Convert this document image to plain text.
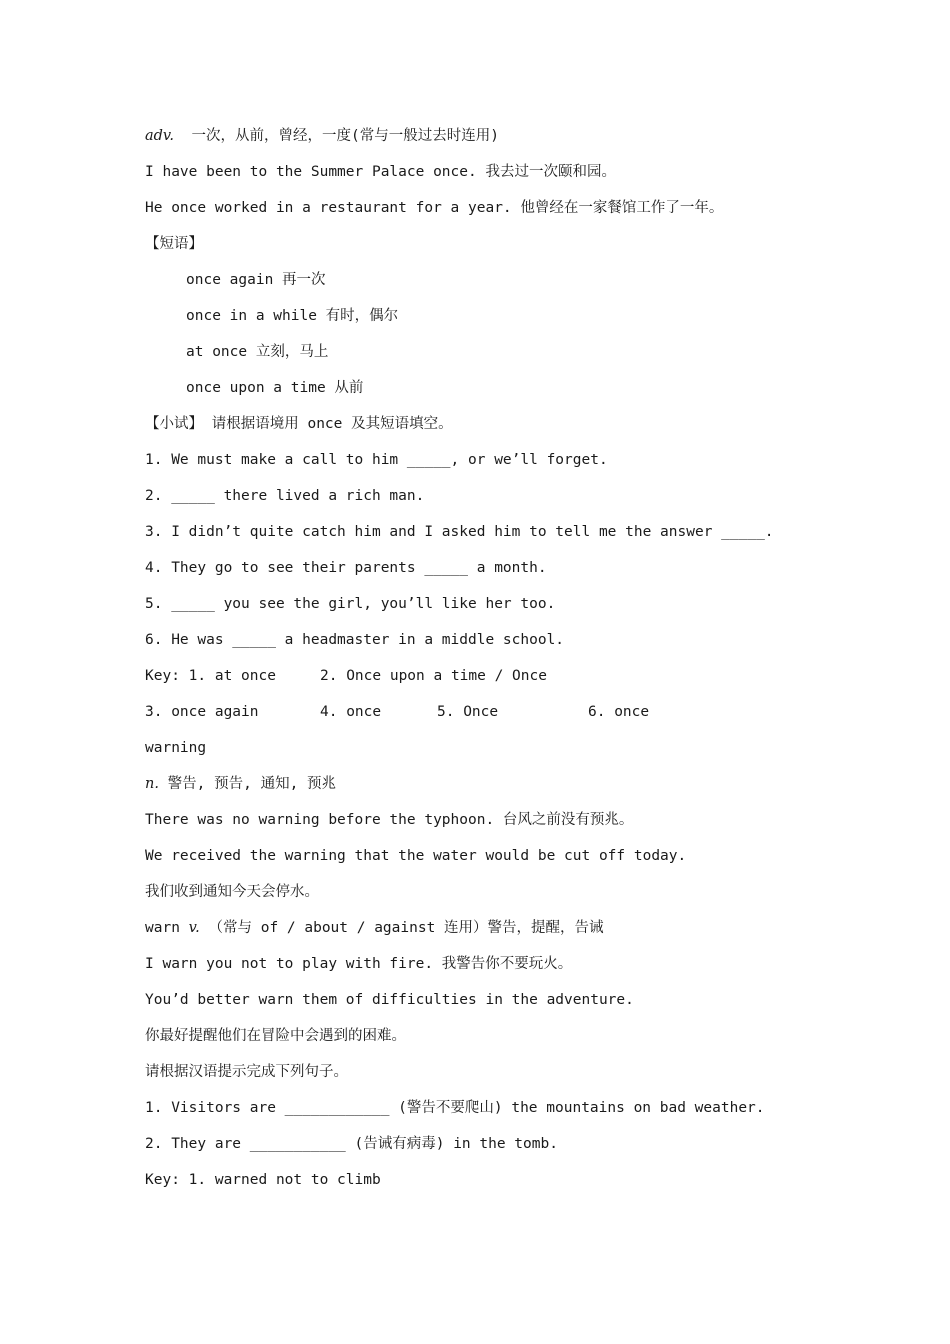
adv.  一次，从前，曾经，一度(常与一般过去时连用)
I have been to the Summer Palace once. 我去过一次颐和园。
He once worked in a restaurant for a year. 他曾经在一家餐馆工作了一年。
【短语】
once again 再一次
once in a while 有时，偶尔
at once 立刻，马上
once upon a time 从前
【小试】 请根据语境用 once 及其短语填空。
1. We must make a call to him _____, or we’ll forget.
2. _____ there lived a rich man.
3. I didn’t quite catch him and I asked him to tell me the answer _____.
4. They go to see their parents _____ a month.
5. _____ you see the girl, you’ll like her too.
6. He was _____ a headmaster in a middle school.
Key: 1. at once	2. Once upon a time / Once
3. once again	4. once	5. Once	6. once
warning
n. 警告, 预告, 通知, 预兆
There was no warning before the typhoon. 台风之前没有预兆。
We received the warning that the water would be cut off today.
我们收到通知今天会停水。
warn v. （常与 of / about / against 连用）警告，提醒，告诫
I warn you not to play with fire. 我警告你不要玩火。
You’d better warn them of difficulties in the adventure.
你最好提醒他们在冒险中会遇到的困难。
请根据汉语提示完成下列句子。
1. Visitors are ____________ (警告不要爬山) the mountains on bad weather.
2. They are ___________ (告诫有病毒) in the tomb.
Key: 1. warned not to climb
